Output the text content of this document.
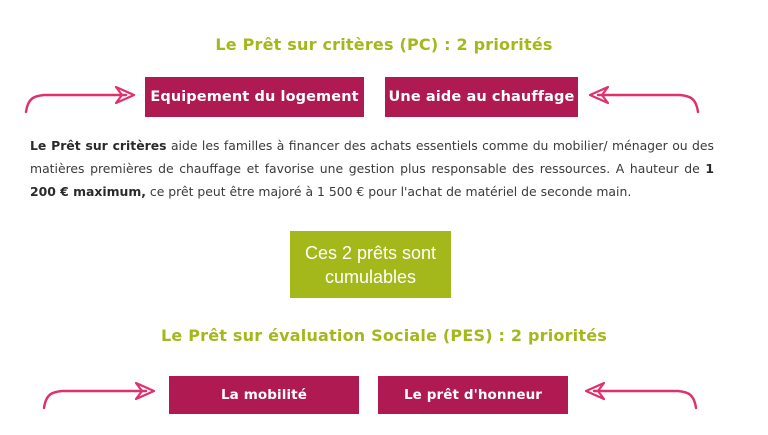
Le Prêt sur critères (PC) : 2 priorités
Equipement du logement	Une aide au chauffage
Le Prêt sur critères aide les familles à financer des achats essentiels comme du mobilier/ ménager ou des matières premières de chauffage et favorise une gestion plus responsable des ressources. A hauteur de 1 200 € maximum, ce prêt peut être majoré à 1 500 € pour l'achat de matériel de seconde main.
Ces 2 prêts sont cumulables
Le Prêt sur évaluation Sociale (PES) : 2 priorités
La mobilité	Le prêt d'honneur
